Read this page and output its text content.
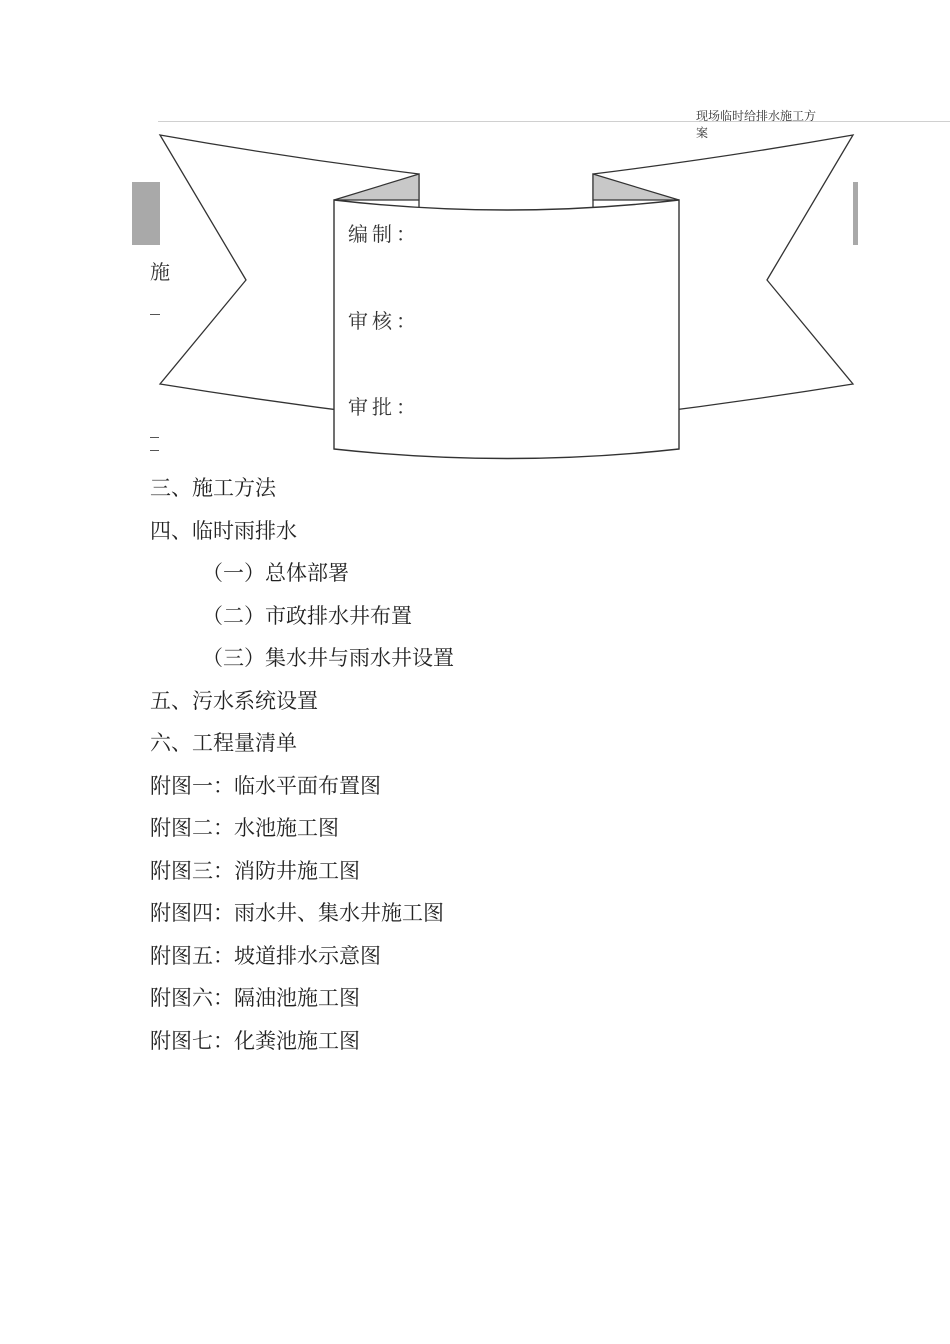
现场临时给排水施工方
案
施
编制：
审核：
审批：
三、施工方法
四、临时雨排水
（一）总体部署
（二）市政排水井布置
（三）集水井与雨水井设置
五、污水系统设置
六、工程量清单
附图一：临水平面布置图
附图二：水池施工图
附图三：消防井施工图
附图四：雨水井、集水井施工图
附图五：坡道排水示意图
附图六：隔油池施工图
附图七：化粪池施工图
